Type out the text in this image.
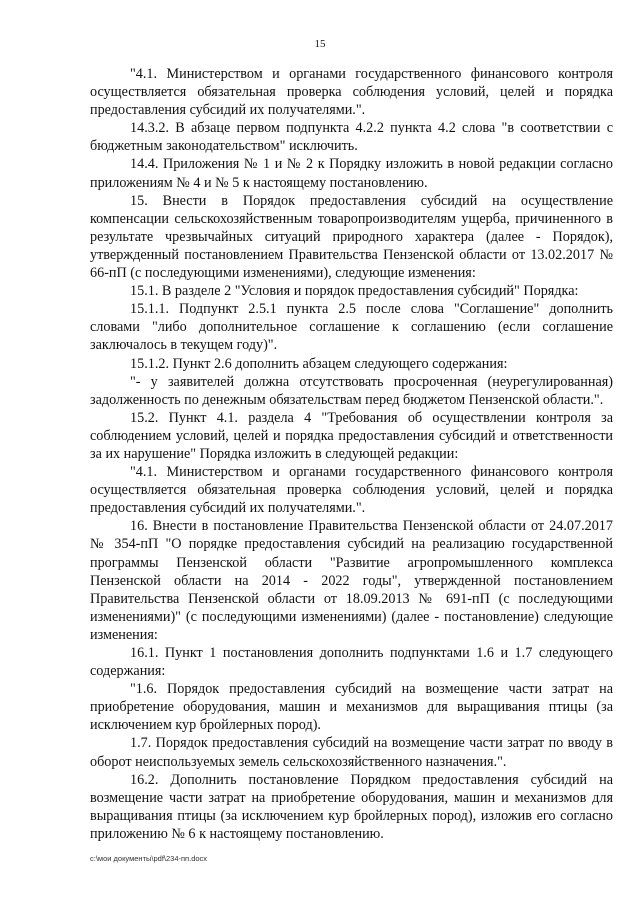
15

"4.1. Министерством и органами государственного финансового контроля осуществляется обязательная проверка соблюдения условий, целей и порядка предоставления субсидий их получателями.".

14.3.2. В абзаце первом подпункта 4.2.2 пункта 4.2 слова "в соответствии с бюджетным законодательством" исключить.

14.4. Приложения № 1 и № 2 к Порядку изложить в новой редакции согласно приложениям № 4 и № 5 к настоящему постановлению.

15. Внести в Порядок предоставления субсидий на осуществление компенсации сельскохозяйственным товаропроизводителям ущерба, причиненного в результате чрезвычайных ситуаций природного характера (далее - Порядок), утвержденный постановлением Правительства Пензенской области от 13.02.2017 № 66-пП (с последующими изменениями), следующие изменения:

15.1. В разделе 2 "Условия и порядок предоставления субсидий" Порядка:

15.1.1. Подпункт 2.5.1 пункта 2.5 после слова "Соглашение" дополнить словами "либо дополнительное соглашение к соглашению (если соглашение заключалось в текущем году)".

15.1.2. Пункт 2.6 дополнить абзацем следующего содержания:

"- у заявителей должна отсутствовать просроченная (неурегулированная) задолженность по денежным обязательствам перед бюджетом Пензенской области.".

15.2. Пункт 4.1. раздела 4 "Требования об осуществлении контроля за соблюдением условий, целей и порядка предоставления субсидий и ответственности за их нарушение" Порядка изложить в следующей редакции:

"4.1. Министерством и органами государственного финансового контроля осуществляется обязательная проверка соблюдения условий, целей и порядка предоставления субсидий их получателями.".

16. Внести в постановление Правительства Пензенской области от 24.07.2017 № 354-пП "О порядке предоставления субсидий на реализацию государственной программы Пензенской области "Развитие агропромышленного комплекса Пензенской области на 2014 - 2022 годы", утвержденной постановлением Правительства Пензенской области от 18.09.2013 № 691-пП (с последующими изменениями)" (с последующими изменениями) (далее - постановление) следующие изменения:

16.1. Пункт 1 постановления дополнить подпунктами 1.6 и 1.7 следующего содержания:

"1.6. Порядок предоставления субсидий на возмещение части затрат на приобретение оборудования, машин и механизмов для выращивания птицы (за исключением кур бройлерных пород).

1.7. Порядок предоставления субсидий на возмещение части затрат по вводу в оборот неиспользуемых земель сельскохозяйственного назначения.".

16.2. Дополнить постановление Порядком предоставления субсидий на возмещение части затрат на приобретение оборудования, машин и механизмов для выращивания птицы (за исключением кур бройлерных пород), изложив его согласно приложению № 6 к настоящему постановлению.

c:\мои документы\pdf\234-пп.docx
